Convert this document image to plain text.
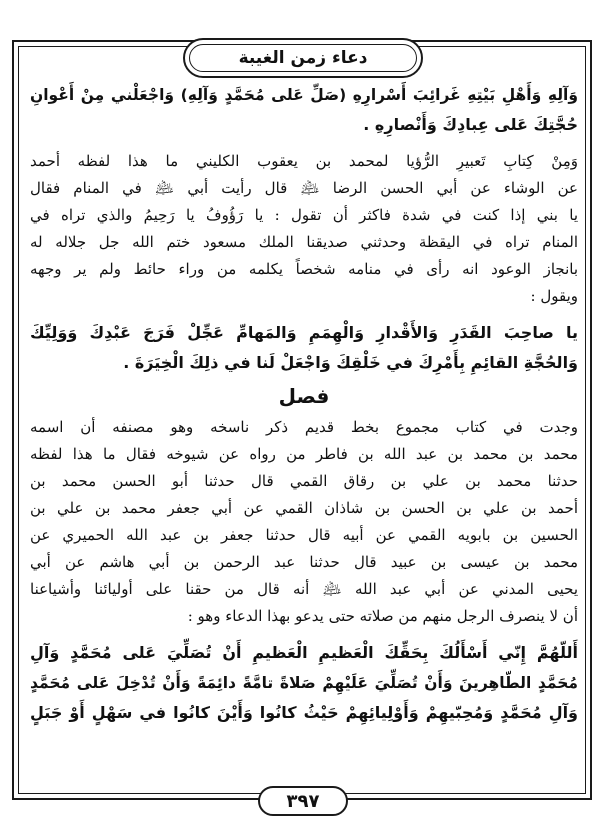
دعاء زمن الغيبة
وَآلِهِ وَأَهْلِ بَيْتِهِ غَرائِبَ أَسْرارِهِ (صَلِّ عَلى مُحَمَّدٍ وَآلِهِ) وَاجْعَلْني مِنْ أَعْوانِ
حُجَّتِكَ عَلى عِبادِكَ وَأَنْصارِهِ .
وَمِنْ كِتابِ تَعبيرِ الرُّؤيا لمحمد بن يعقوب الكليني ما هذا لفظه أحمد
عن الوشاء عن أبي الحسن الرضا ﵇ قال رأيت أبي ﵇ في المنام فقال
يا بني إذا كنت في شدة فاكثر أن تقول : يا رَؤُوفُ يا رَحِيمُ والذي تراه في
المنام تراه في اليقظة وحدثني صديقنا الملك مسعود ختم الله جل جلاله له
بانجاز الوعود انه رأى في منامه شخصاً يكلمه من وراء حائط ولم ير وجهه
ويقول :
يا صاحِبَ القَدَرِ وَالأَقْدارِ وَالْهِمَمِ وَالمَهامِّ عَجِّلْ فَرَجَ عَبْدِكَ وَوَلِيِّكَ
وَالحُجَّةِ القائِمِ بِأَمْرِكَ في خَلْقِكَ وَاجْعَلْ لَنا في ذلِكَ الْخِيَرَةَ .
فصل
وجدت في كتاب مجموع بخط قديم ذكر ناسخه وهو مصنفه أن اسمه
محمد بن محمد بن عبد الله بن فاطر من رواه عن شيوخه فقال ما هذا لفظه
حدثنا محمد بن علي بن رقاق القمي قال حدثنا أبو الحسن محمد بن
أحمد بن علي بن الحسن بن شاذان القمي عن أبي جعفر محمد بن علي بن
الحسين بن بابويه القمي عن أبيه قال حدثنا جعفر بن عبد الله الحميري عن
محمد بن عيسى بن عبيد قال حدثنا عبد الرحمن بن أبي هاشم عن أبي
يحيى المدني عن أبي عبد الله ﵇ أنه قال من حقنا على أوليائنا وأشياعنا
أن لا ينصرف الرجل منهم من صلاته حتى يدعو بهذا الدعاء وهو :
أَللّهُمَّ إِنّي أَسْأَلُكَ بِحَقِّكَ الْعَظيمِ الْعَظيمِ أَنْ تُصَلِّيَ عَلى مُحَمَّدٍ وَآلِ
مُحَمَّدٍ الطّاهِرينَ وَأَنْ تُصَلِّيَ عَلَيْهِمْ صَلاةً تامَّةً دائِمَةً وَأَنْ تُدْخِلَ عَلى مُحَمَّدٍ
وَآلِ مُحَمَّدٍ وَمُحِبّيهِمْ وَأَوْلِيائِهِمْ حَيْثُ كانُوا وَأَيْنَ كانُوا في سَهْلٍ أَوْ جَبَلٍ
٣٩٧
